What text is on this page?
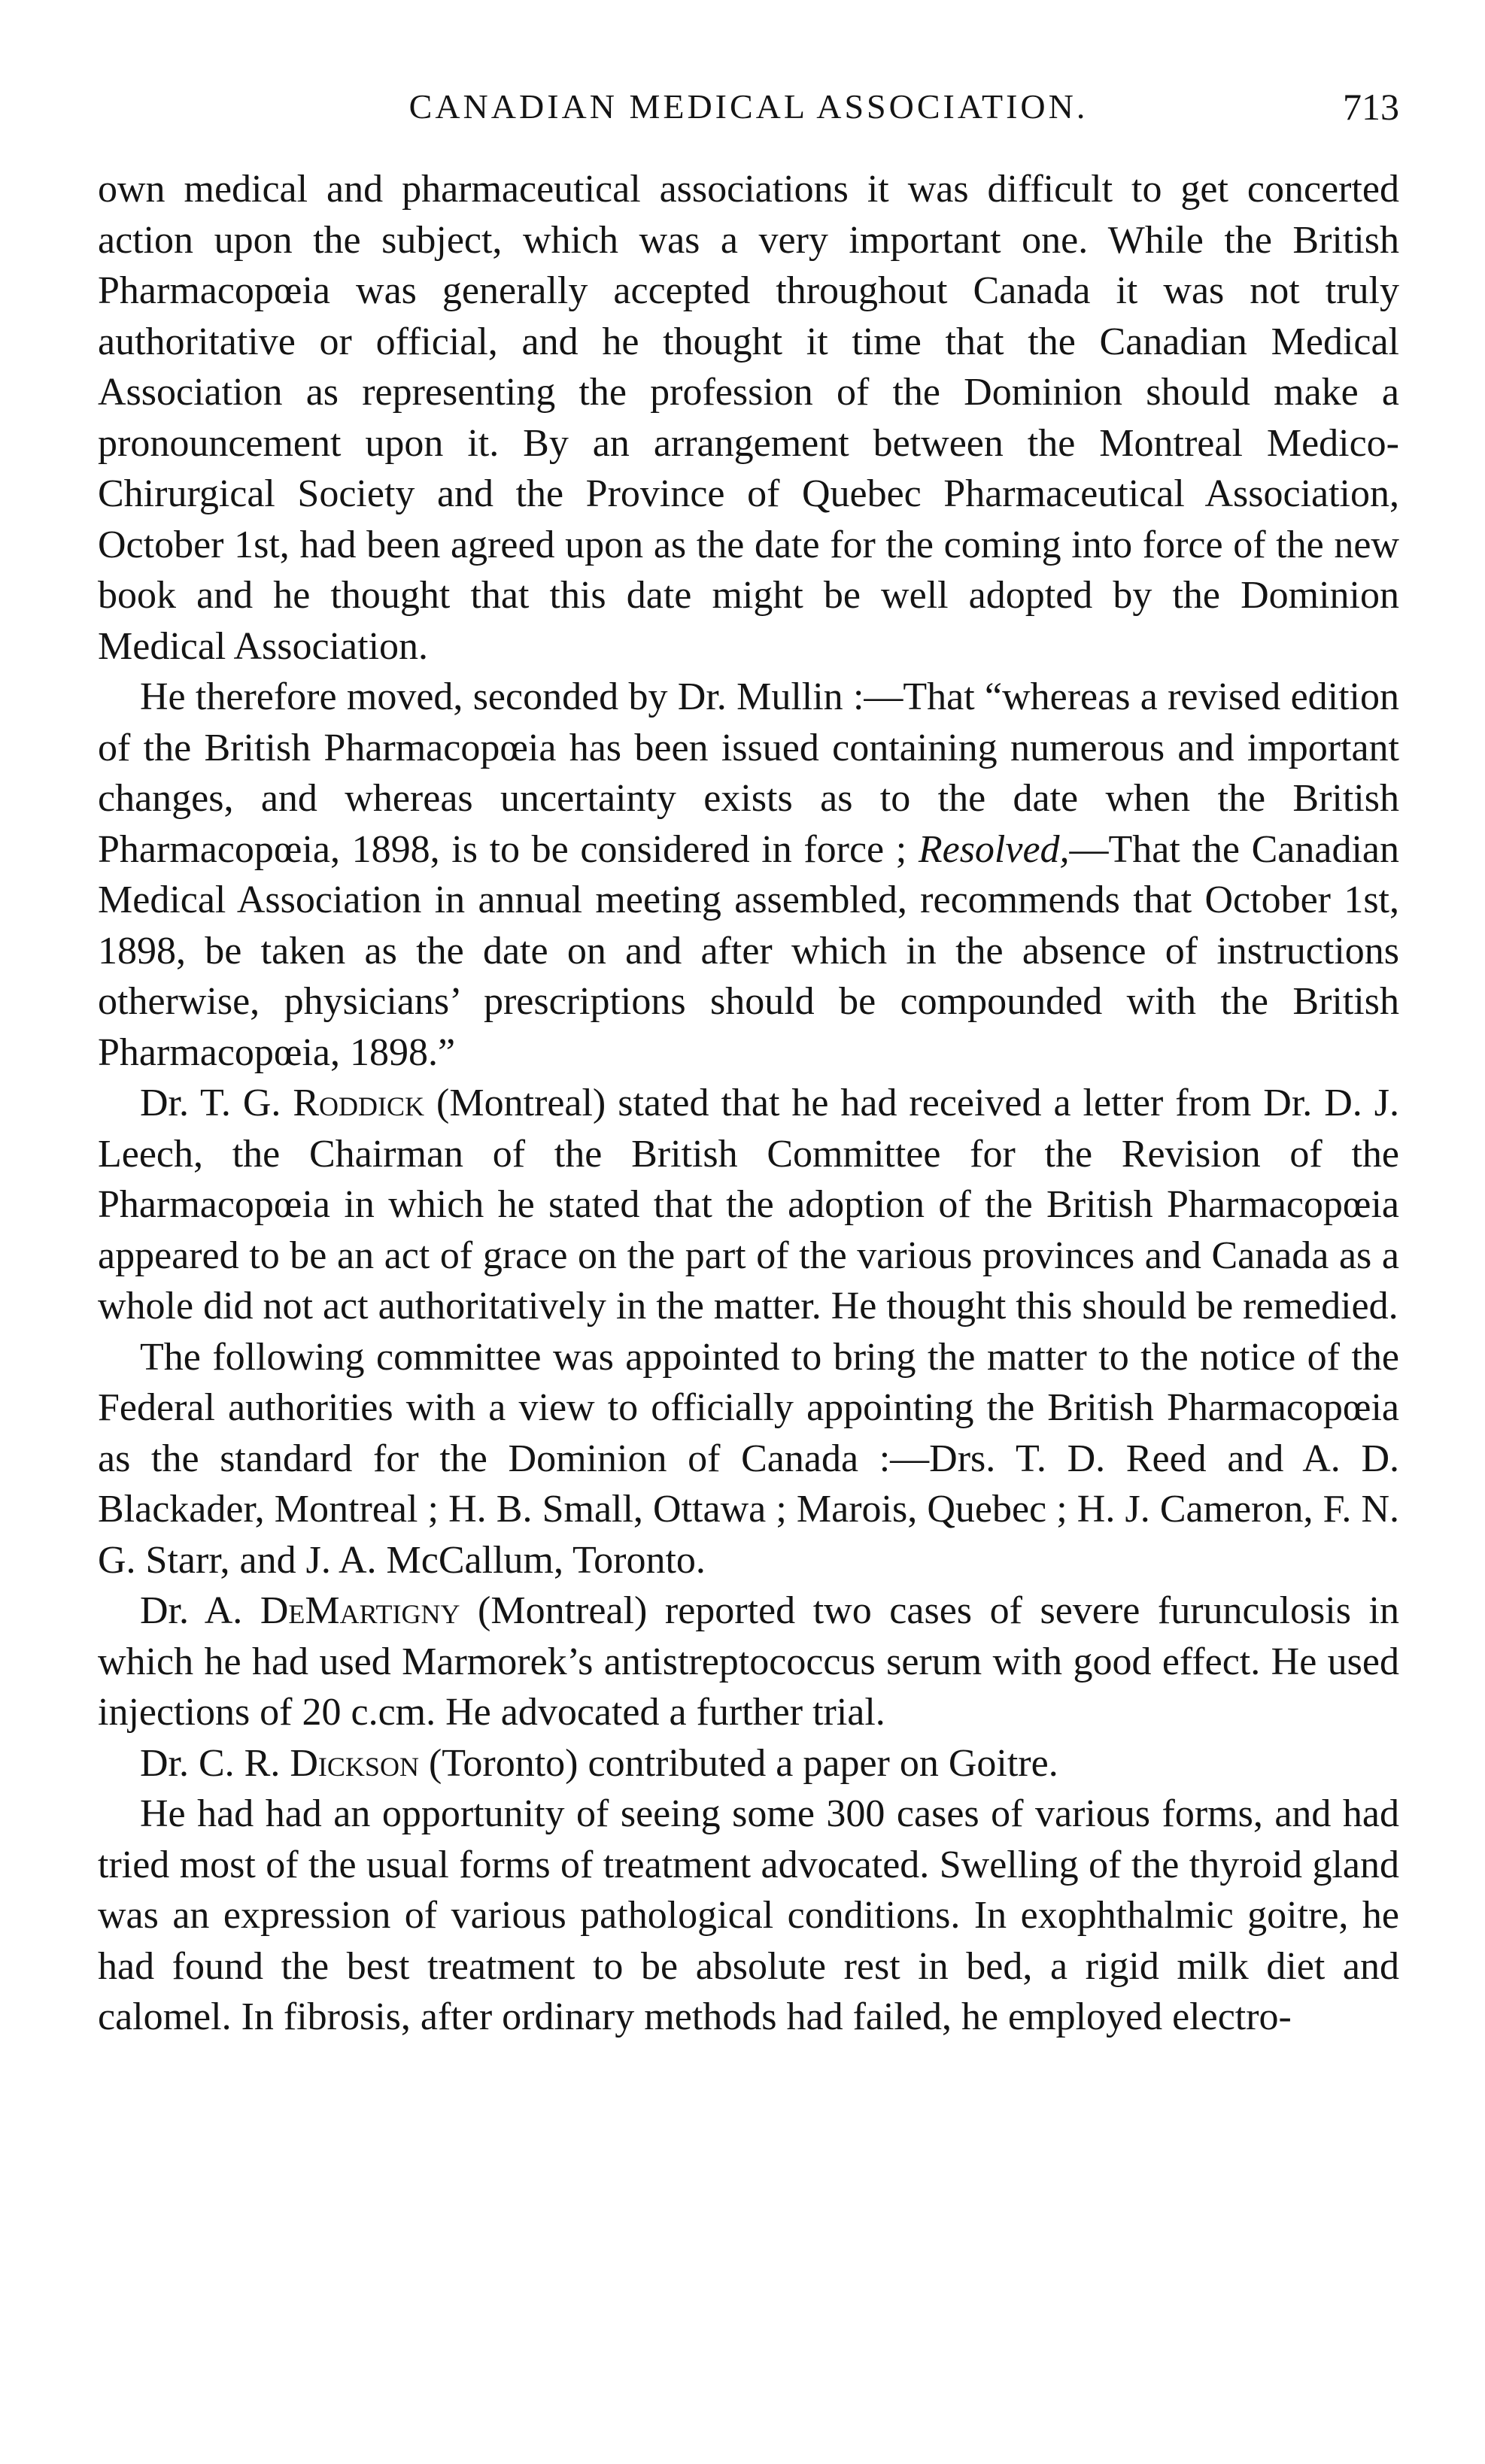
CANADIAN MEDICAL ASSOCIATION.	713

own medical and pharmaceutical associations it was difficult to get concerted action upon the subject, which was a very important one. While the British Pharmacopœia was generally accepted throughout Canada it was not truly authoritative or official, and he thought it time that the Canadian Medical Association as representing the profession of the Dominion should make a pronouncement upon it. By an arrangement between the Montreal Medico-Chirurgical Society and the Province of Quebec Pharmaceutical Association, October 1st, had been agreed upon as the date for the coming into force of the new book and he thought that this date might be well adopted by the Dominion Medical Association.

He therefore moved, seconded by Dr. Mullin :—That “whereas a revised edition of the British Pharmacopœia has been issued containing numerous and important changes, and whereas uncertainty exists as to the date when the British Pharmacopœia, 1898, is to be considered in force ; Resolved,—That the Canadian Medical Association in annual meeting assembled, recommends that October 1st, 1898, be taken as the date on and after which in the absence of instructions otherwise, physicians’ prescriptions should be compounded with the British Pharmacopœia, 1898.”

Dr. T. G. Roddick (Montreal) stated that he had received a letter from Dr. D. J. Leech, the Chairman of the British Committee for the Revision of the Pharmacopœia in which he stated that the adoption of the British Pharmacopœia appeared to be an act of grace on the part of the various provinces and Canada as a whole did not act authoritatively in the matter. He thought this should be remedied.

The following committee was appointed to bring the matter to the notice of the Federal authorities with a view to officially appointing the British Pharmacopœia as the standard for the Dominion of Canada :—Drs. T. D. Reed and A. D. Blackader, Montreal ; H. B. Small, Ottawa ; Marois, Quebec ; H. J. Cameron, F. N. G. Starr, and J. A. McCallum, Toronto.

Dr. A. DeMartigny (Montreal) reported two cases of severe furunculosis in which he had used Marmorek’s antistreptococcus serum with good effect. He used injections of 20 c.cm. He advocated a further trial.

Dr. C. R. Dickson (Toronto) contributed a paper on Goitre.

He had had an opportunity of seeing some 300 cases of various forms, and had tried most of the usual forms of treatment advocated. Swelling of the thyroid gland was an expression of various pathological conditions. In exophthalmic goitre, he had found the best treatment to be absolute rest in bed, a rigid milk diet and calomel. In fibrosis, after ordinary methods had failed, he employed electro-
